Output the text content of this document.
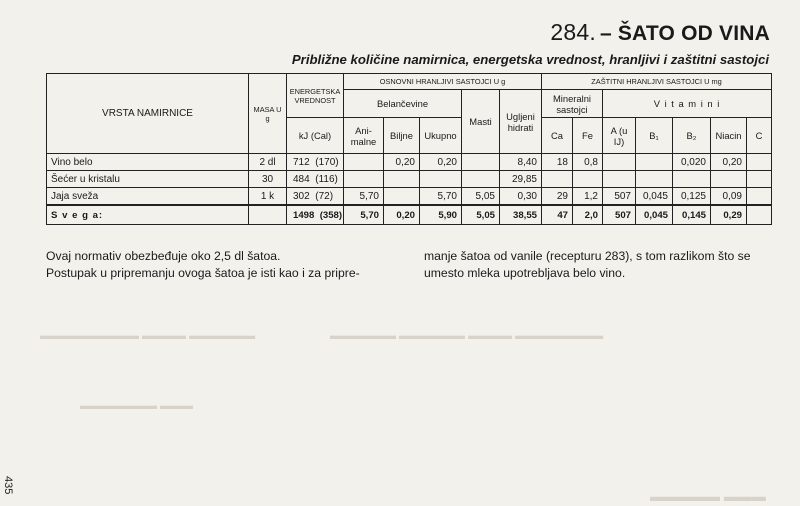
▬▬▬▬▬▬▬▬▬ ▬▬▬▬ ▬▬▬▬▬▬	▬▬▬▬▬▬ ▬▬▬▬▬▬ ▬▬▬▬ ▬▬▬▬▬▬▬▬
▬▬▬▬▬▬▬ ▬▬▬
▬▬▬▬▬ ▬▬▬
284. – ŠATO OD VINA
Približne količine namirnica, energetska vrednost, hranljivi i zaštitni sastojci
VRSTA NAMIRNICE	MASA U g	ENERGETSKA VREDNOST	OSNOVNI HRANLJIVI SASTOJCI U g					ZAŠTITNI HRANLJIVI SASTOJCI U mg						
			Belančevine			Masti	Ugljeni hidrati	Mineralni sastojci		V i t a m i n i				
		kJ (Cal)	Ani- malne	Biljne	Ukupno			Ca	Fe	A (u IJ)	B₁	B₂	Niacin	C
Vino belo	2 dl	712 (170)		0,20	0,20		8,40	18	0,8			0,020	0,20	
Šećer u kristalu	30	484 (116)					29,85							
Jaja sveža	1 k	302 (72)	5,70		5,70	5,05	0,30	29	1,2	507	0,045	0,125	0,09	
S v e g a:		1498 (358)	5,70	0,20	5,90	5,05	38,55	47	2,0	507	0,045	0,145	0,29	
Ovaj normativ obezbeđuje oko 2,5 dl šatoa.
Postupak u pripremanju ovoga šatoa je isti kao i za pripre-
manje šatoa od vanile (recepturu 283), s tom razlikom što se
umesto mleka upotrebljava belo vino.
435
